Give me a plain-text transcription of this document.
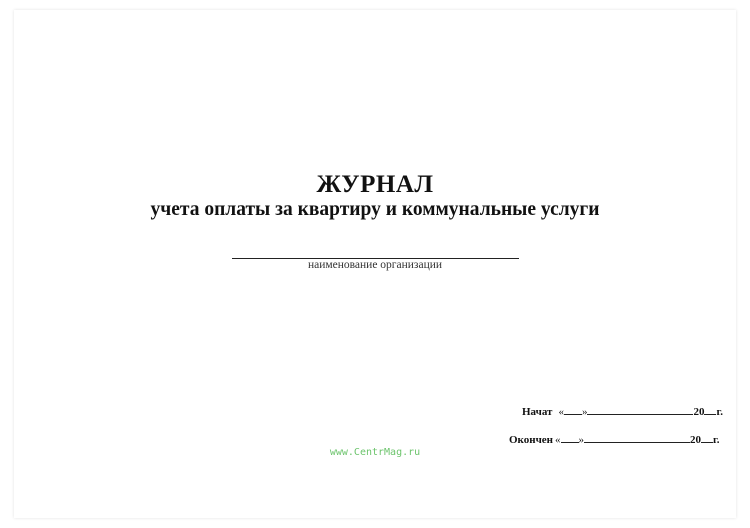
ЖУРНАЛ
учета оплаты за квартиру и коммунальные услуги
наименование организации
Начат « »	20 г.
Окончен « »	20 г.
www.CentrMag.ru
